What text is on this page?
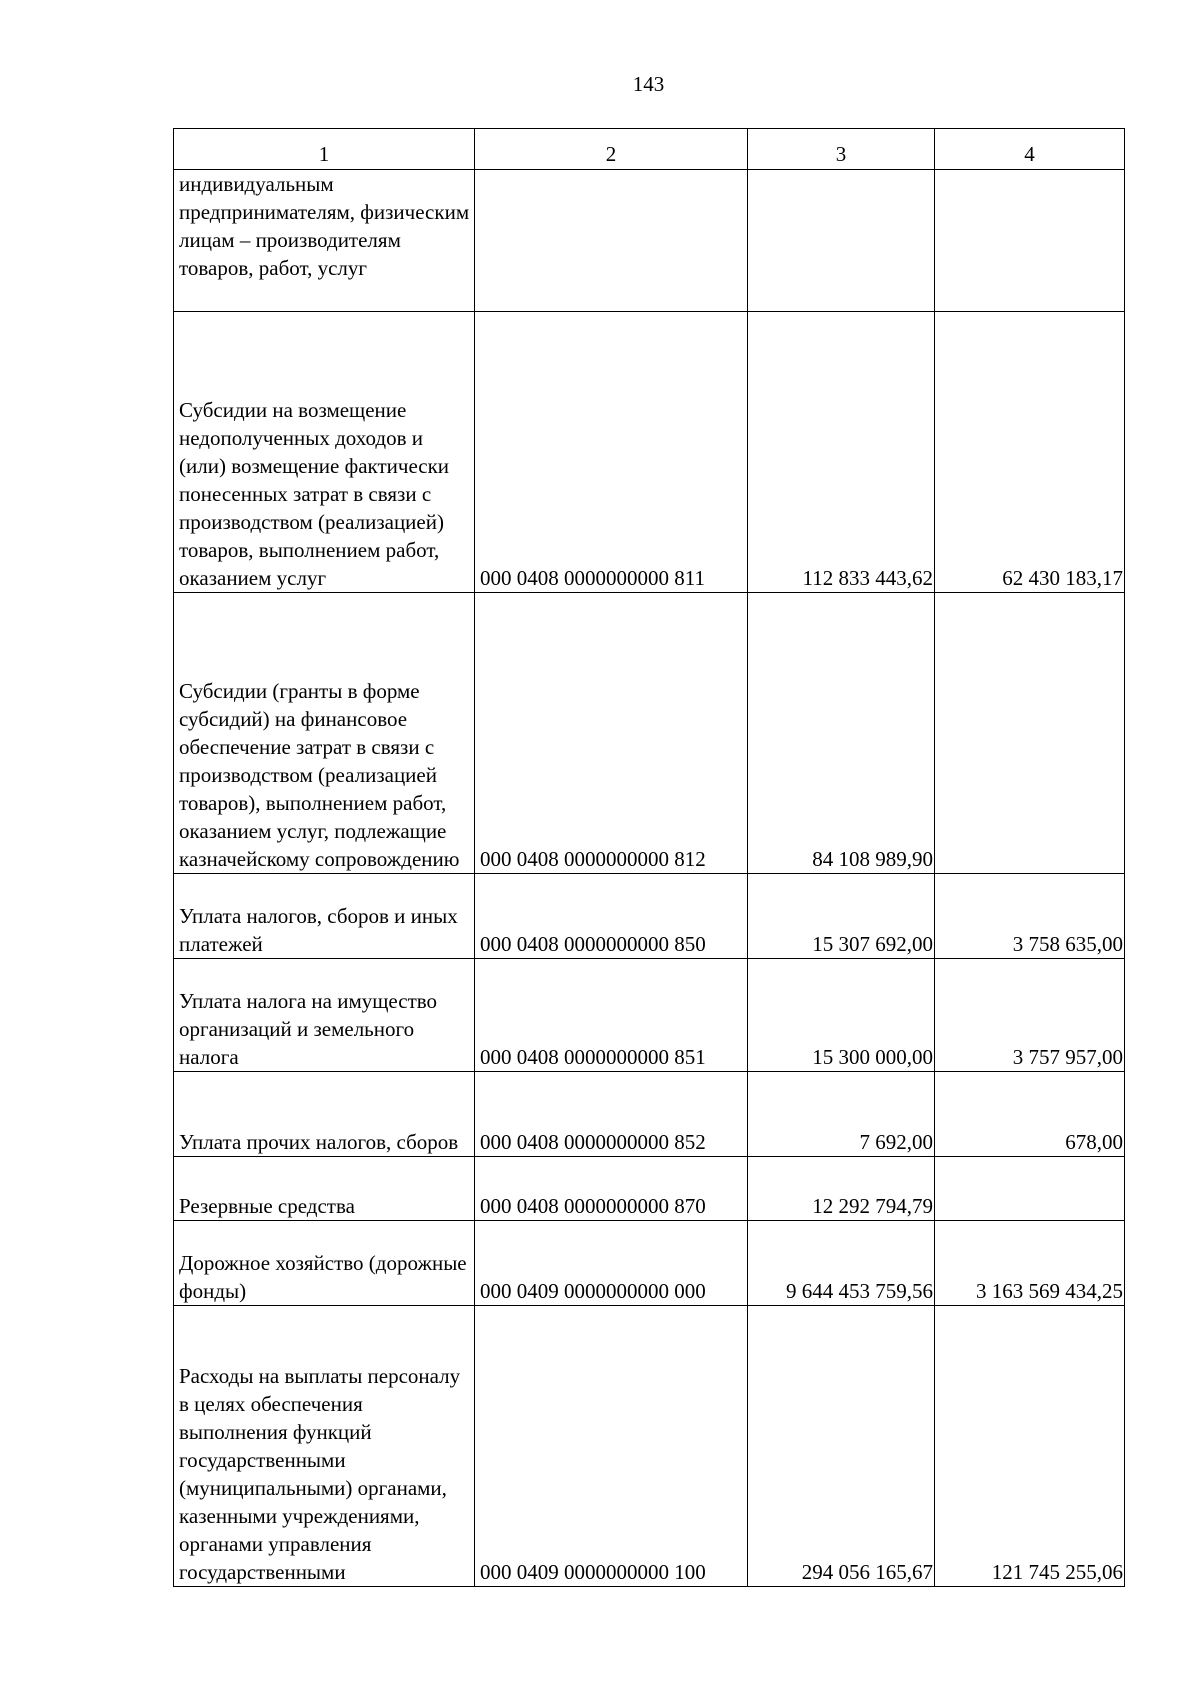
143
1	2	3	4
индивидуальным предпринимателям, физическим лицам – производителям товаров, работ, услуг			
Субсидии на возмещение недополученных доходов и (или) возмещение фактически понесенных затрат в связи с производством (реализацией) товаров, выполнением работ, оказанием услуг	000 0408 0000000000 811	112 833 443,62	62 430 183,17
Субсидии (гранты в форме субсидий) на финансовое обеспечение затрат в связи с производством (реализацией товаров), выполнением работ, оказанием услуг, подлежащие казначейскому сопровождению	000 0408 0000000000 812	84 108 989,90	
Уплата налогов, сборов и иных платежей	000 0408 0000000000 850	15 307 692,00	3 758 635,00
Уплата налога на имущество организаций и земельного налога	000 0408 0000000000 851	15 300 000,00	3 757 957,00
Уплата прочих налогов, сборов	000 0408 0000000000 852	7 692,00	678,00
Резервные средства	000 0408 0000000000 870	12 292 794,79	
Дорожное хозяйство (дорожные фонды)	000 0409 0000000000 000	9 644 453 759,56	3 163 569 434,25
Расходы на выплаты персоналу в целях обеспечения выполнения функций государственными (муниципальными) органами, казенными учреждениями, органами управления государственными	000 0409 0000000000 100	294 056 165,67	121 745 255,06
